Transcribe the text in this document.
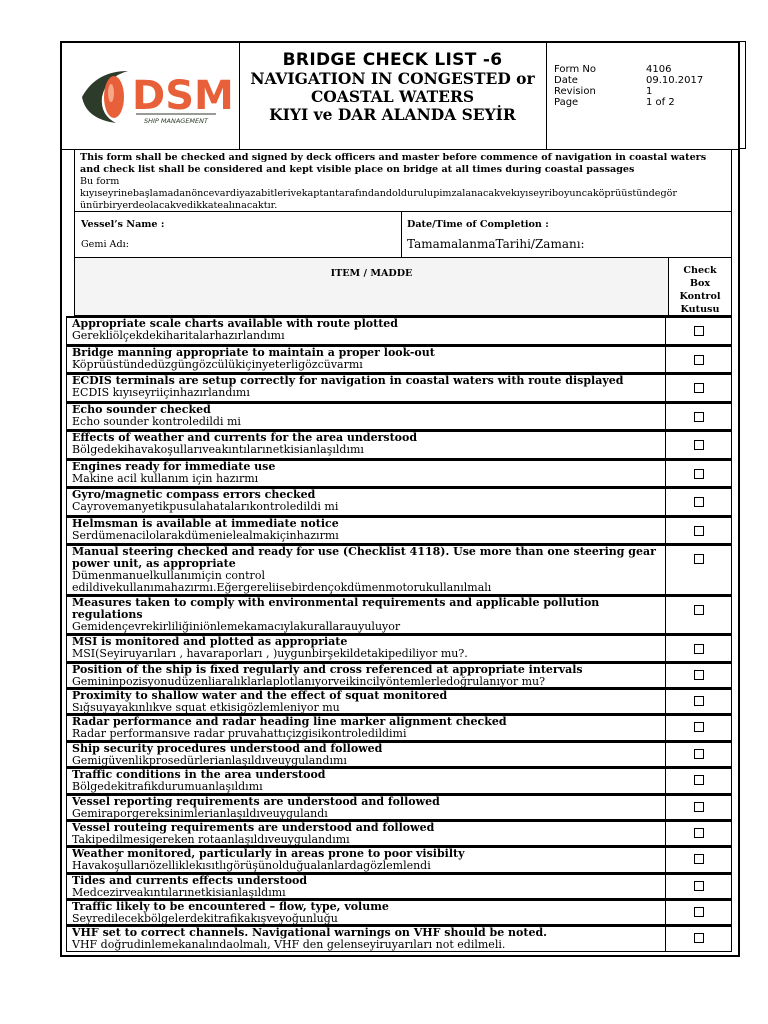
DSM
SHIP MANAGEMENT
BRIDGE CHECK LIST -6
NAVIGATION IN CONGESTED or
COASTAL WATERS
KIYI ve DAR ALANDA SEYİR
Form No	4106
Date	09.10.2017
Revision	1
Page	1 of 2
This form shall be checked and signed by deck officers and master before commence of navigation in coastal waters and check list shall be considered and kept visible place on bridge at all times during coastal passages
Bu form
kıyıseyrinebaşlamadanöncevardiyazabitlerivekaptantarafındandoldurulupimzalanacakvekıyıseyriboyuncaköprüüstündegör ünürbiryerdeolacakvedikkatealınacaktır.
Vessel’s Name :
Gemi Adı:
Date/Time of Completion :
TamamalanmaTarihi/Zamanı:
ITEM / MADDE	Check
Box
Kontrol
Kutusu
Appropriate scale charts available with route plotted
Gerekliölçekdekiharitalarhazırlandımı
Bridge manning appropriate to maintain a proper look-out
Köprüüstündedüzgüngözcülükiçinyeterligözcüvarmı
ECDIS terminals are setup correctly for navigation in coastal waters with route displayed
ECDIS kıyıseyriiçinhazırlandımı
Echo sounder checked
Echo sounder kontroledildi mi
Effects of weather and currents for the area understood
Bölgedekihavakoşullarıveakıntılarınetkisianlaşıldımı
Engines ready for immediate use
Makine acil kullanım için hazırmı
Gyro/magnetic compass errors checked
Cayrovemanyetikpusulahatalarıkontroledildi mi
Helmsman is available at immediate notice
Serdümenacilolarakdümenielealmakiçinhazırmı
Manual steering checked and ready for use (Checklist 4118). Use more than one steering gear power unit, as appropriate
Dümenmanuelkullanımiçin control edildivekullanımahazırmı.Eğergereliisebirdençokdümenmotorukullanılmalı
Measures taken to comply with environmental requirements and applicable pollution regulations
Gemidençevrekirliliğiniönlemekamacıylakurallarauyuluyor
MSI is monitored and plotted as appropriate
MSI(Seyiruyarıları , havaraporları , )uygunbirşekildetakipediliyor mu?.
Position of the ship is fixed regularly and cross referenced at appropriate intervals
Gemininpozisyonudüzenliaralıklarlaplotlanıyorveikincilyöntemlerledoğrulanıyor mu?
Proximity to shallow water and the effect of squat monitored
Sığsuyayakınlıkve squat etkisigözlemleniyor mu
Radar performance and radar heading line marker alignment checked
Radar performansıve radar pruvahattıçizgisikontroledildimi
Ship security procedures understood and followed
Gemigüvenlikprosedürlerianlaşıldıveuygulandımı
Traffic conditions in the area understood
Bölgedekitrafikdurumuanlaşıldımı
Vessel reporting requirements are understood and followed
Gemiraporgereksinimlerianlaşıldıveuygulandı
Vessel routeing requirements are understood and followed
Takipedilmesigereken rotaanlaşıldıveuygulandımı
Weather monitored, particularly in areas prone to poor visibilty
Havakoşullarıözelliklekısıtlıgörüşünolduğualanlardagözlemlendi
Tides and currents effects understood
Medcezirveakıntılarınetkisianlaşıldımı
Traffic likely to be encountered – flow, type, volume
Seyredilecekbölgelerdekitrafikakışveyoğunluğu
VHF set to correct channels. Navigational warnings on VHF should be noted.
VHF doğrudinlemekanalındaolmalı, VHF den gelenseyiruyarıları not edilmeli.
